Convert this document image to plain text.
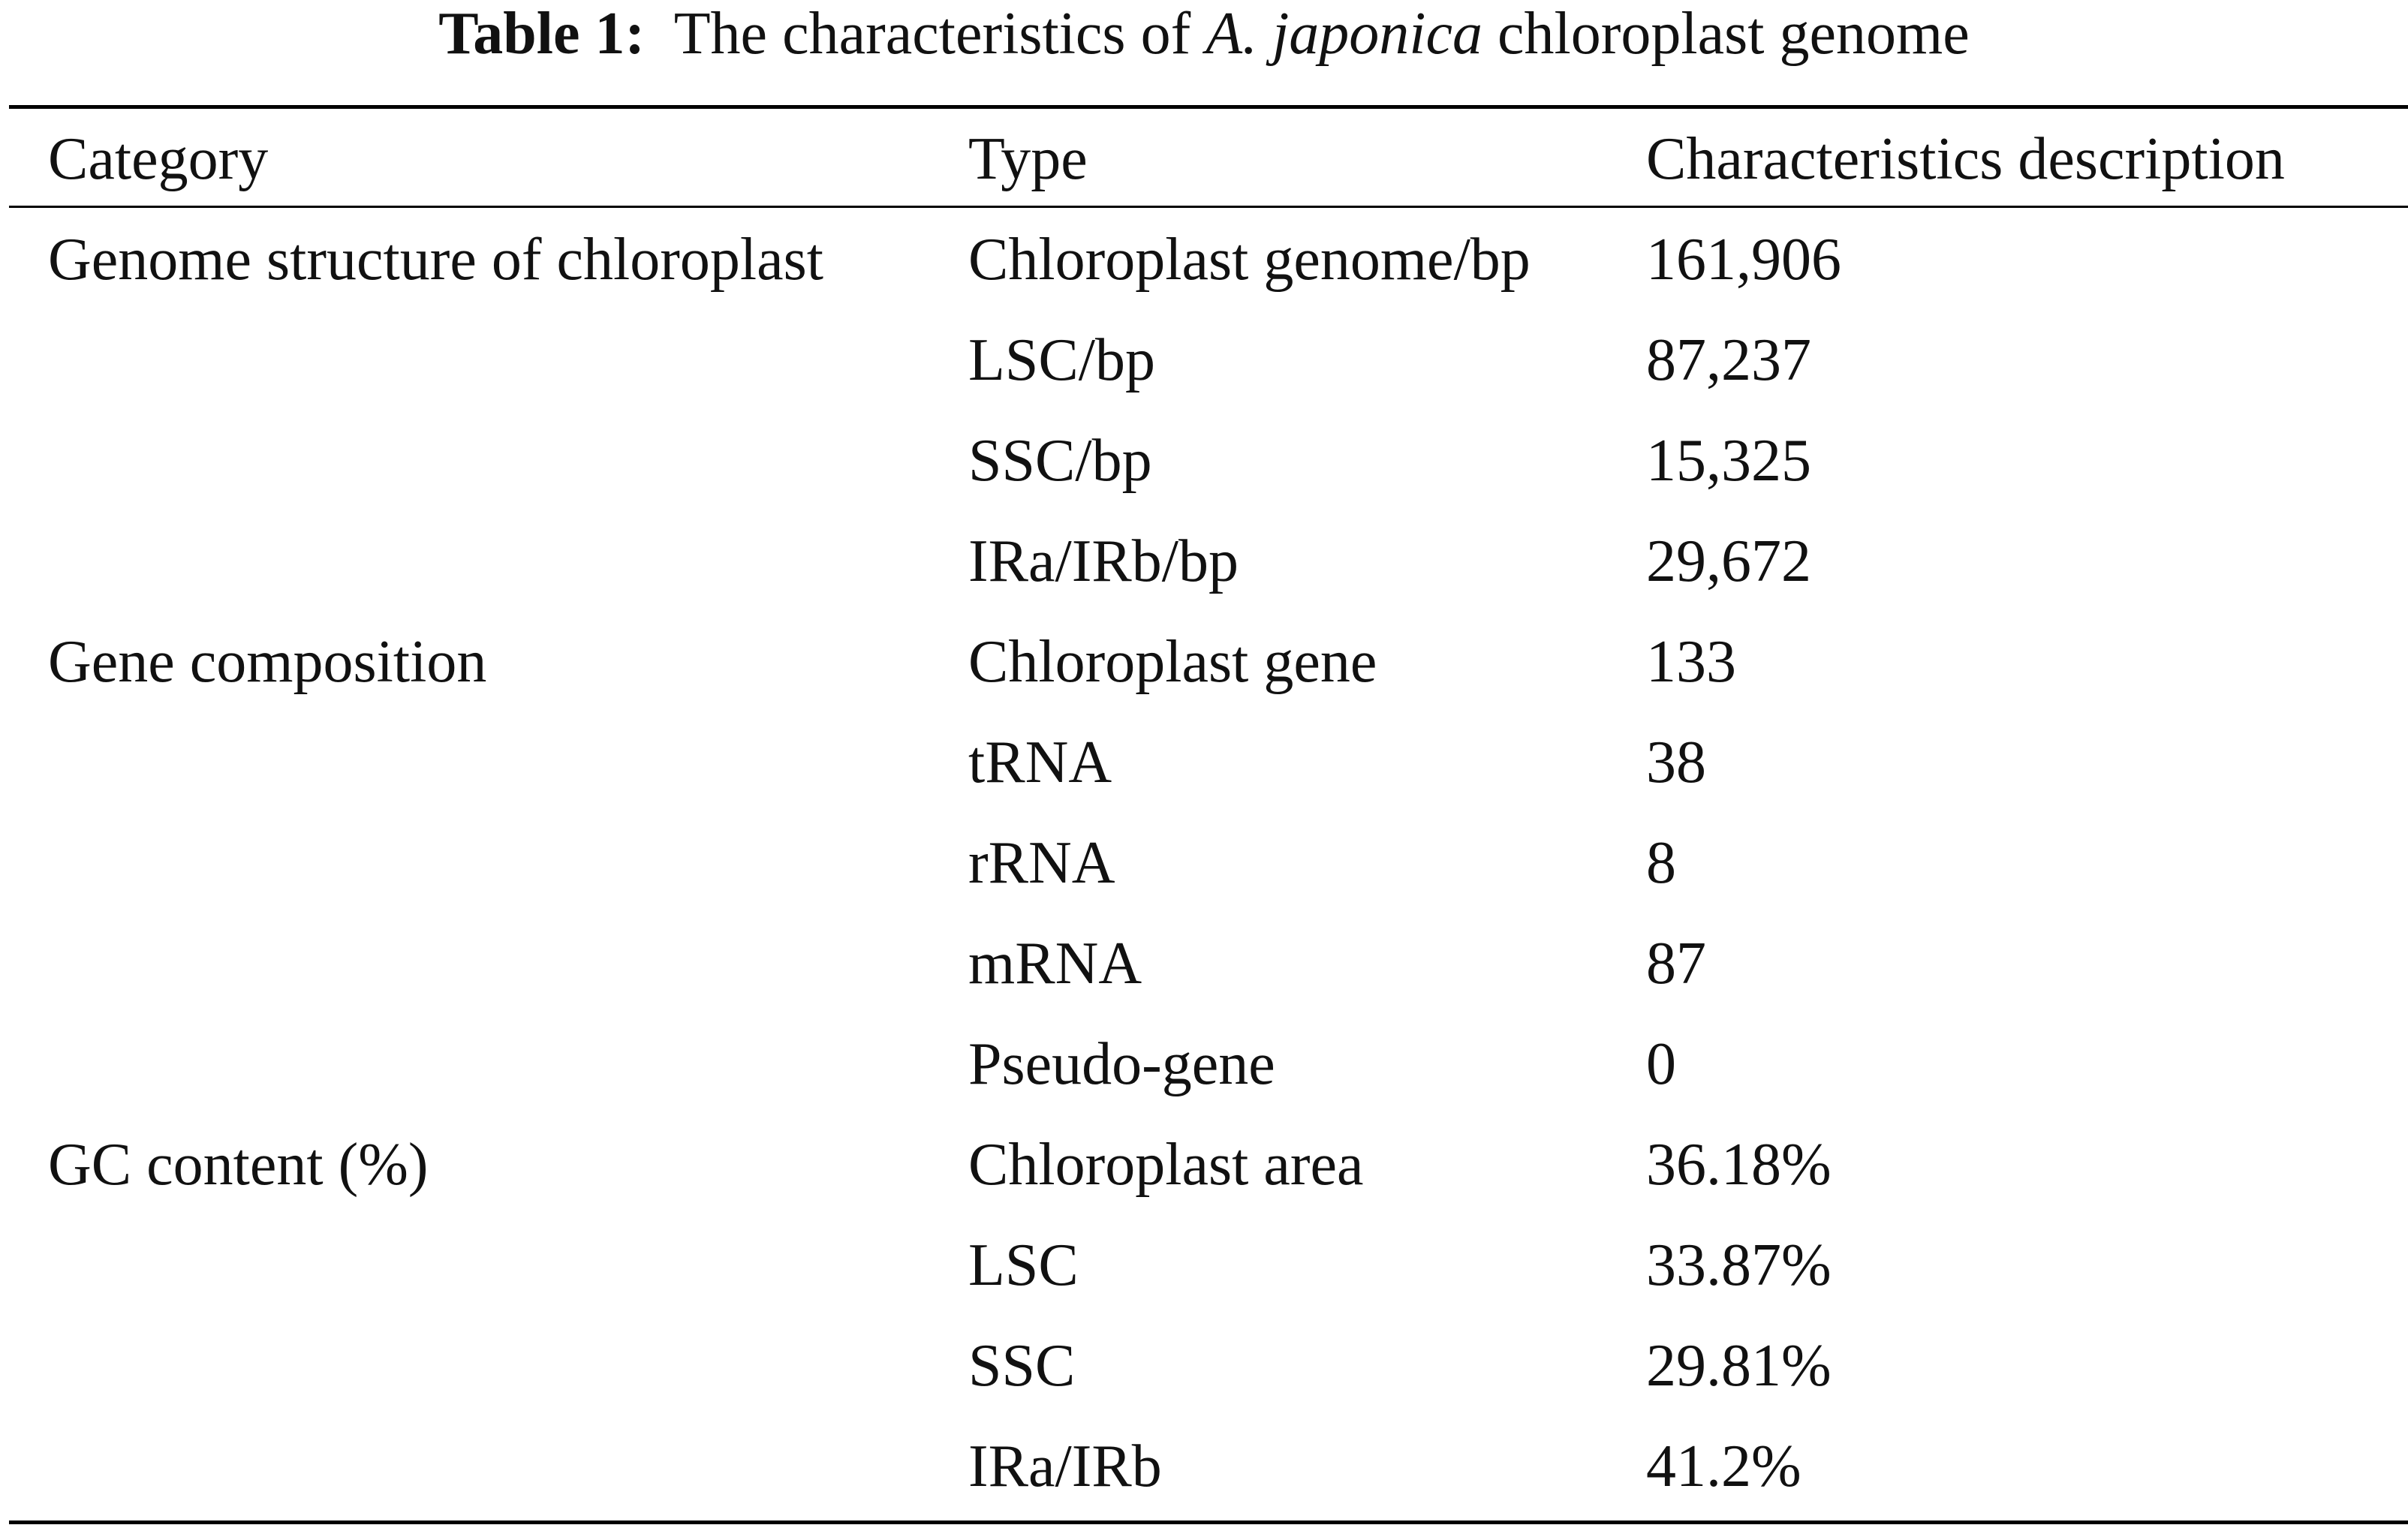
Table 1: The characteristics of A. japonica chloroplast genome

Category	Type	Characteristics description
Genome structure of chloroplast	Chloroplast genome/bp	161,906
	LSC/bp	87,237
	SSC/bp	15,325
	IRa/IRb/bp	29,672
Gene composition	Chloroplast gene	133
	tRNA	38
	rRNA	8
	mRNA	87
	Pseudo-gene	0
GC content (%)	Chloroplast area	36.18%
	LSC	33.87%
	SSC	29.81%
	IRa/IRb	41.2%
